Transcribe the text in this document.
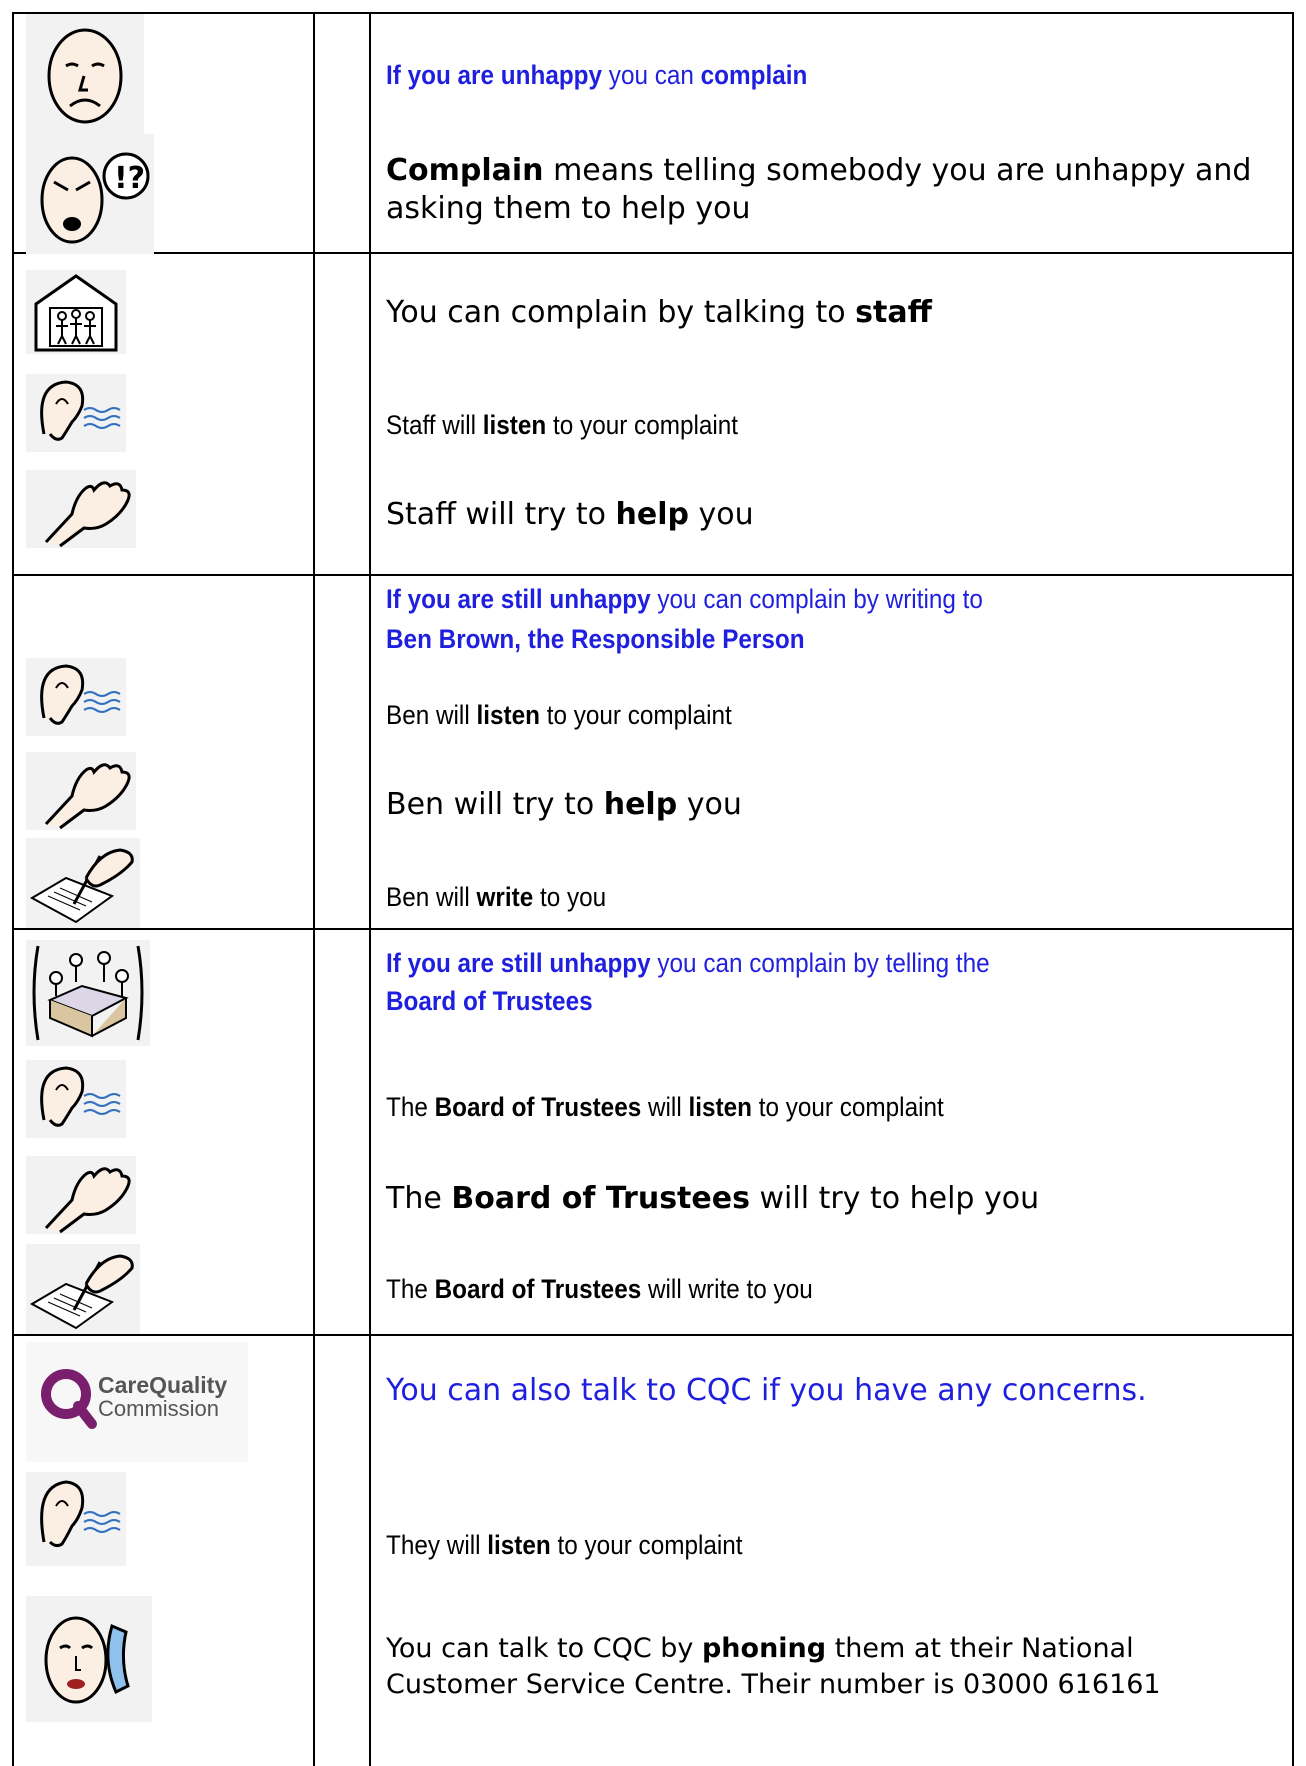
!?
If you are unhappy you can complain
Complain means telling somebody you are unhappy and
asking them to help you
You can complain by talking to staff
Staff will listen to your complaint
Staff will try to help you
If you are still unhappy you can complain by writing to
Ben Brown, the Responsible Person
Ben will listen to your complaint
Ben will try to help you
Ben will write to you
If you are still unhappy you can complain by telling the
Board of Trustees
The Board of Trustees will listen to your complaint
The Board of Trustees will try to help you
The Board of Trustees will write to you
CareQuality
Commission
You can also talk to CQC if you have any concerns.
They will listen to your complaint
You can talk to CQC by phoning them at their National
Customer Service Centre. Their number is 03000 616161
